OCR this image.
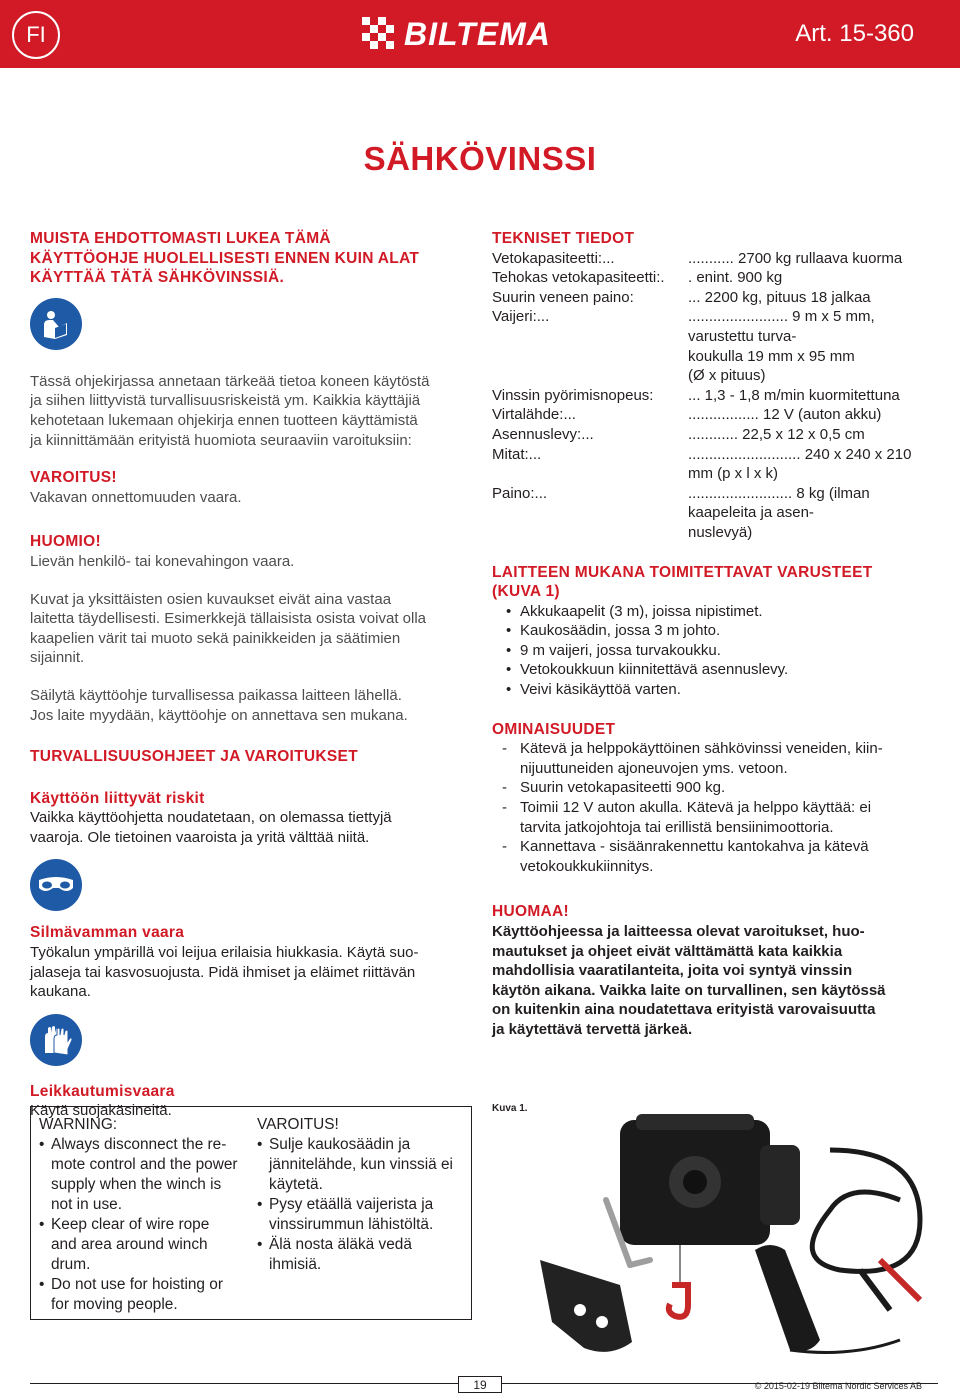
FI	BILTEMA	Art. 15-360
SÄHKÖVINSSI
MUISTA EHDOTTOMASTI LUKEA TÄMÄ
KÄYTTÖOHJE HUOLELLISESTI ENNEN KUIN ALAT
KÄYTTÄÄ TÄTÄ SÄHKÖVINSSIÄ.
Tässä ohjekirjassa annetaan tärkeää tietoa koneen käytöstä
ja siihen liittyvistä turvallisuusriskeistä ym. Kaikkia käyttäjiä
kehotetaan lukemaan ohjekirja ennen tuotteen käyttämistä
ja kiinnittämään erityistä huomiota seuraaviin varoituksiin:
VAROITUS!
Vakavan onnettomuuden vaara.
HUOMIO!
Lievän henkilö- tai konevahingon vaara.
Kuvat ja yksittäisten osien kuvaukset eivät aina vastaa
laitetta täydellisesti. Esimerkkejä tällaisista osista voivat olla
kaapelien värit tai muoto sekä painikkeiden ja säätimien
sijainnit.
Säilytä käyttöohje turvallisessa paikassa laitteen lähellä.
Jos laite myydään, käyttöohje on annettava sen mukana.
TURVALLISUUSOHJEET JA VAROITUKSET
Käyttöön liittyvät riskit
Vaikka käyttöohjetta noudatetaan, on olemassa tiettyjä
vaaroja. Ole tietoinen vaaroista ja yritä välttää niitä.
Silmävamman vaara
Työkalun ympärillä voi leijua erilaisia hiukkasia. Käytä suo-
jalaseja tai kasvosuojusta. Pidä ihmiset ja eläimet riittävän
kaukana.
Leikkautumisvaara
Käytä suojakäsineitä.
TEKNISET TIEDOT
Vetokapasiteetti:...	........... 2700 kg rullaava kuorma
Tehokas vetokapasiteetti:.	. enint. 900 kg
Suurin veneen paino:	... 2200 kg, pituus 18 jalkaa
Vaijeri:...	........................ 9 m x 5 mm, varustettu turva-
koukulla 19 mm x 95 mm
(Ø x pituus)
Vinssin pyörimisnopeus:	... 1,3 - 1,8 m/min kuormitettuna
Virtalähde:...	................. 12 V (auton akku)
Asennuslevy:...	............ 22,5 x 12 x 0,5 cm
Mitat:...	........................... 240 x 240 x 210 mm (p x l x k)
Paino:...	......................... 8 kg (ilman kaapeleita ja asen-
nuslevyä)
LAITTEEN MUKANA TOIMITETTAVAT VARUSTEET
(KUVA 1)
• Akkukaapelit (3 m), joissa nipistimet.
• Kaukosäädin, jossa 3 m johto.
• 9 m vaijeri, jossa turvakoukku.
• Vetokoukkuun kiinnitettävä asennuslevy.
• Veivi käsikäyttöä varten.
OMINAISUUDET
- Kätevä ja helppokäyttöinen sähkövinssi veneiden, kiin-
nijuuttuneiden ajoneuvojen yms. vetoon.
- Suurin vetokapasiteetti 900 kg.
- Toimii 12 V auton akulla. Kätevä ja helppo käyttää: ei
tarvita jatkojohtoja tai erillistä bensiinimoottoria.
- Kannettava - sisäänrakennettu kantokahva ja kätevä
vetokoukkukiinnitys.
HUOMAA!
Käyttöohjeessa ja laitteessa olevat varoitukset, huo-
mautukset ja ohjeet eivät välttämättä kata kaikkia
mahdollisia vaaratilanteita, joita voi syntyä vinssin
käytön aikana. Vaikka laite on turvallinen, sen käytössä
on kuitenkin aina noudatettava erityistä varovaisuutta
ja käytettävä tervettä järkeä.
WARNING:
• Always disconnect the re-
mote control and the power
supply when the winch is
not in use.
• Keep clear of wire rope
and area around winch
drum.
• Do not use for hoisting or
for moving people.
VAROITUS!
• Sulje kaukosäädin ja
jännitelähde, kun vinssiä ei
käytetä.
• Pysy etäällä vaijerista ja
vinssirummun lähistöltä.
• Älä nosta äläkä vedä
ihmisiä.
Kuva 1.
19	© 2015-02-19 Biltema Nordic Services AB
